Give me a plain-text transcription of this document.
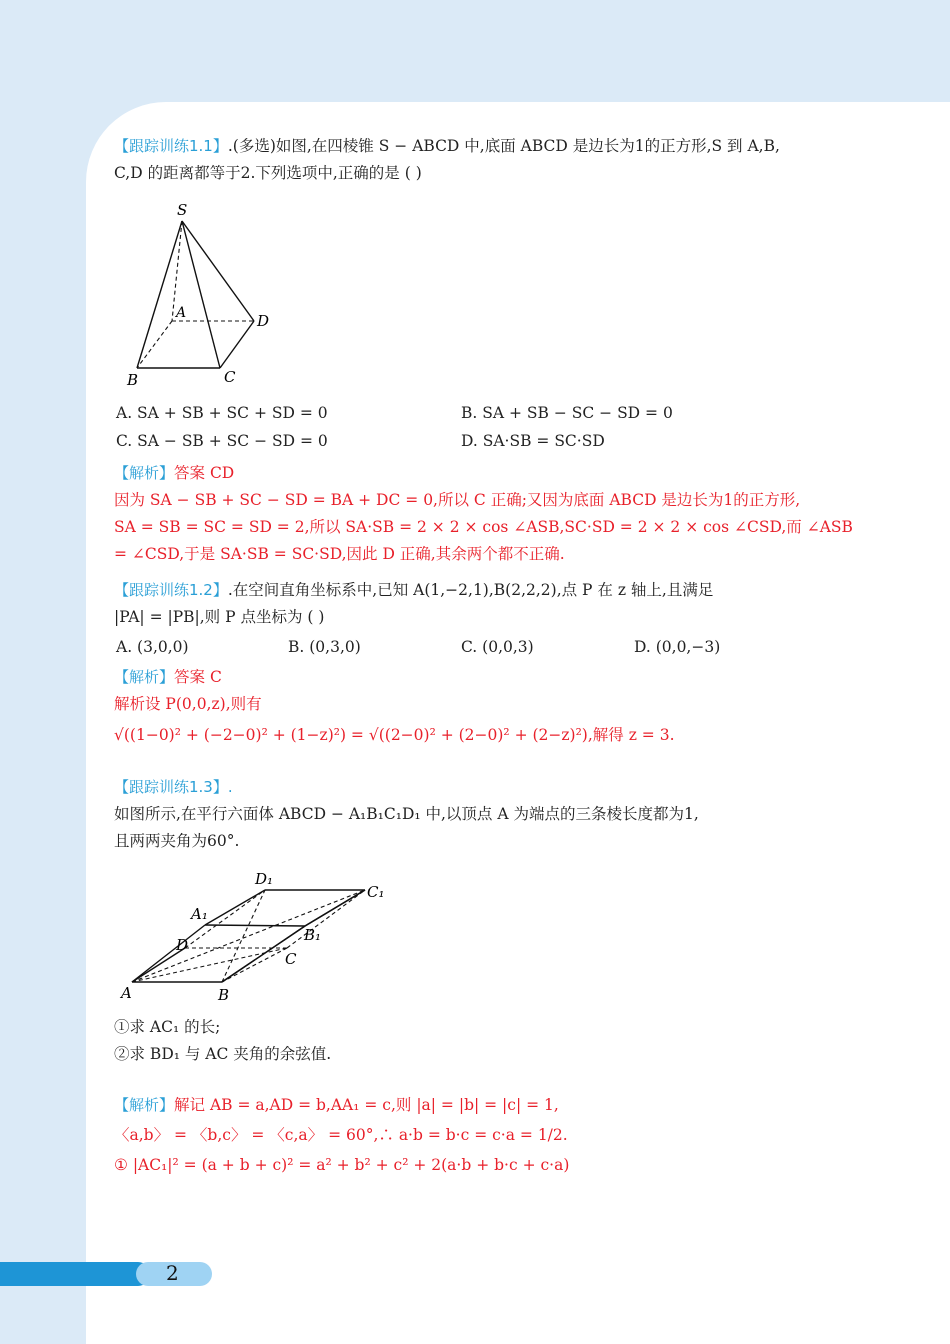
【跟踪训练1.1】.(多选)如图,在四棱锥 S − ABCD 中,底面 ABCD 是边长为1的正方形,S 到 A,B,
C,D 的距离都等于2.下列选项中,正确的是 ( )
S
A	D
B	C
A. SA + SB + SC + SD = 0	B. SA + SB − SC − SD = 0
C. SA − SB + SC − SD = 0	D. SA·SB = SC·SD
【解析】答案 CD
因为 SA − SB + SC − SD = BA + DC = 0,所以 C 正确;又因为底面 ABCD 是边长为1的正方形,
SA = SB = SC = SD = 2,所以 SA·SB = 2 × 2 × cos ∠ASB,SC·SD = 2 × 2 × cos ∠CSD,而 ∠ASB
= ∠CSD,于是 SA·SB = SC·SD,因此 D 正确,其余两个都不正确.
【跟踪训练1.2】.在空间直角坐标系中,已知 A(1,−2,1),B(2,2,2),点 P 在 z 轴上,且满足
|PA| = |PB|,则 P 点坐标为 ( )
A. (3,0,0)	B. (0,3,0)	C. (0,0,3)	D. (0,0,−3)
【解析】答案 C
解析设 P(0,0,z),则有
√((1−0)² + (−2−0)² + (1−z)²) = √((2−0)² + (2−0)² + (2−z)²),解得 z = 3.
【跟踪训练1.3】.
如图所示,在平行六面体 ABCD − A₁B₁C₁D₁ 中,以顶点 A 为端点的三条棱长度都为1,
且两两夹角为60°.
A	B
C
D
A₁
B₁
C₁
D₁
①求 AC₁ 的长;
②求 BD₁ 与 AC 夹角的余弦值.
【解析】解记 AB = a,AD = b,AA₁ = c,则 |a| = |b| = |c| = 1,
〈a,b〉 = 〈b,c〉 = 〈c,a〉 = 60°,∴ a·b = b·c = c·a = 1/2.
① |AC₁|² = (a + b + c)² = a² + b² + c² + 2(a·b + b·c + c·a)
2
